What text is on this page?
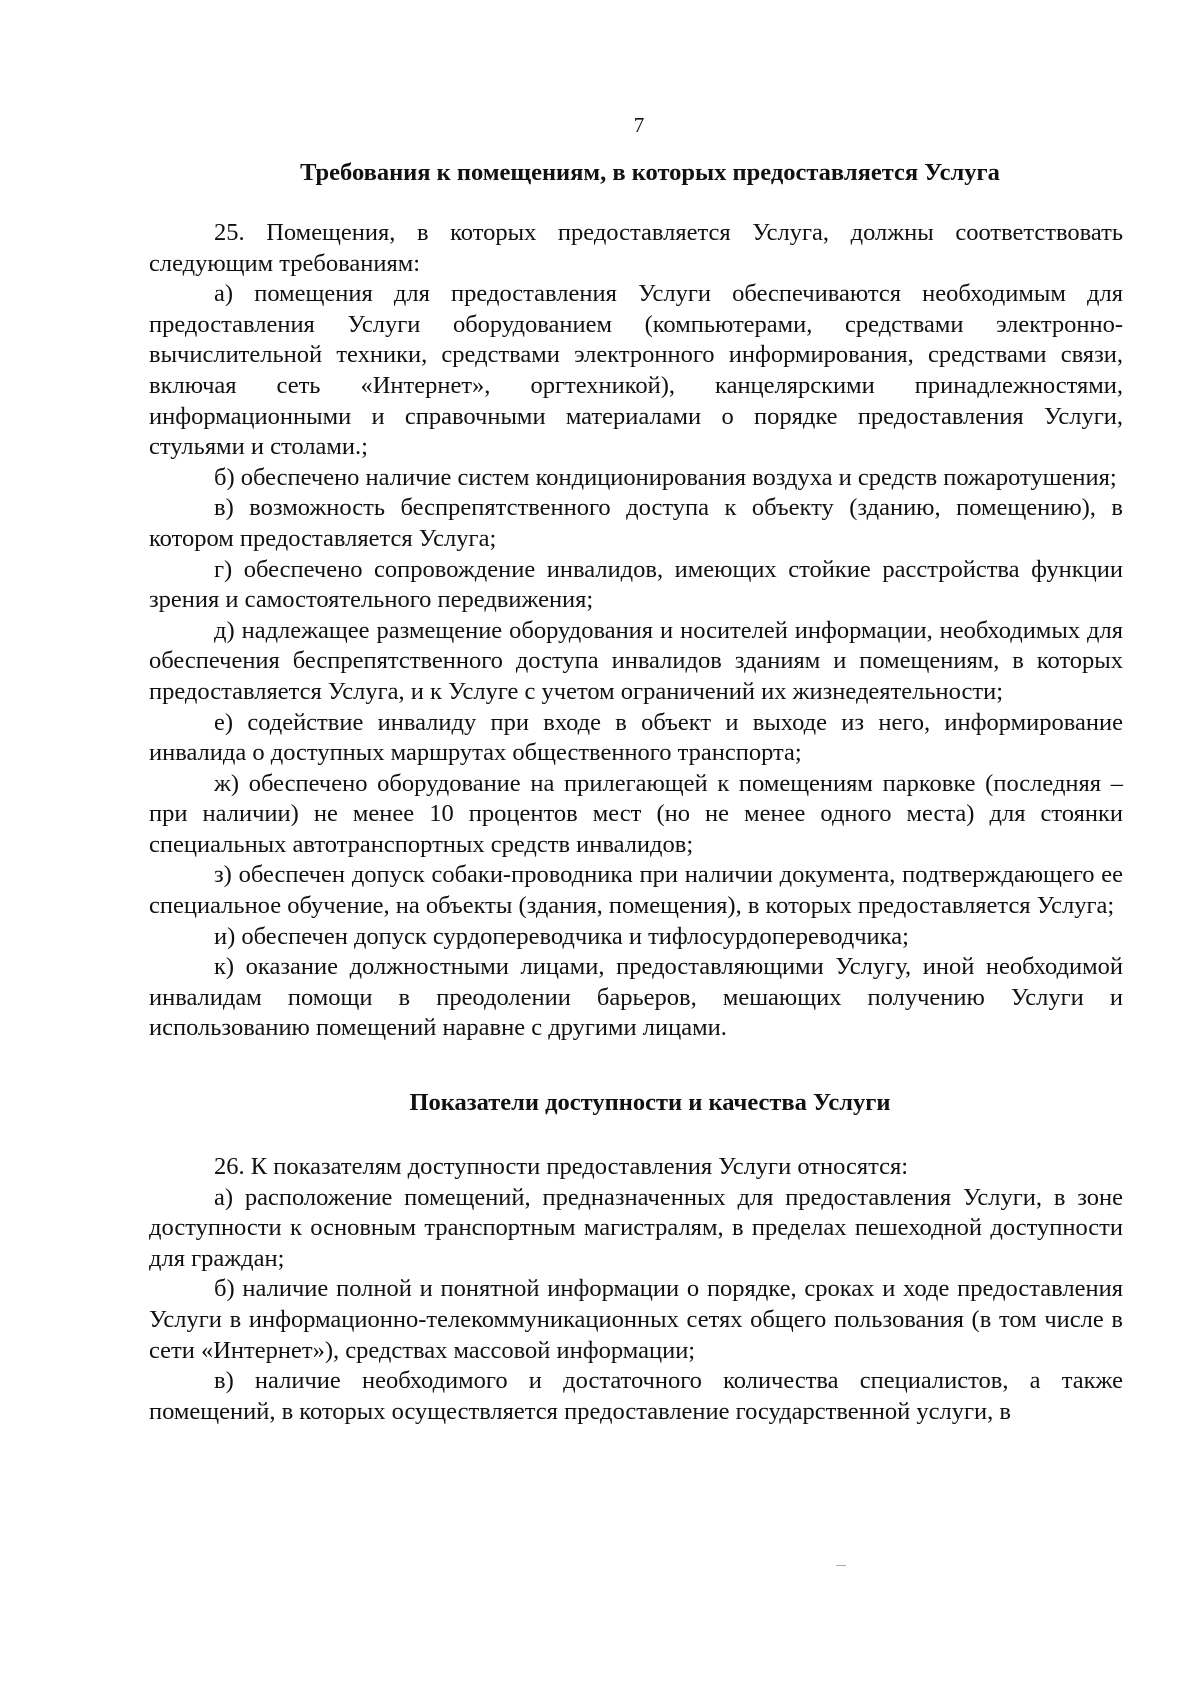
7
Требования к помещениям, в которых предоставляется Услуга

25. Помещения, в которых предоставляется Услуга, должны соответствовать следующим требованиям:

а) помещения для предоставления Услуги обеспечиваются необходимым для предоставления Услуги оборудованием (компьютерами, средствами электронно-вычислительной техники, средствами электронного информирования, средствами связи, включая сеть «Интернет», оргтехникой), канцелярскими принадлежностями, информационными и справочными материалами о порядке предоставления Услуги, стульями и столами.;

б) обеспечено наличие систем кондиционирования воздуха и средств пожаротушения;

в) возможность беспрепятственного доступа к объекту (зданию, помещению), в котором предоставляется Услуга;

г) обеспечено сопровождение инвалидов, имеющих стойкие расстройства функции зрения и самостоятельного передвижения;

д) надлежащее размещение оборудования и носителей информации, необходимых для обеспечения беспрепятственного доступа инвалидов зданиям и помещениям, в которых предоставляется Услуга, и к Услуге с учетом ограничений их жизнедеятельности;

е) содействие инвалиду при входе в объект и выходе из него, информирование инвалида о доступных маршрутах общественного транспорта;

ж) обеспечено оборудование на прилегающей к помещениям парковке (последняя – при наличии) не менее 10 процентов мест (но не менее одного места) для стоянки специальных автотранспортных средств инвалидов;

з) обеспечен допуск собаки-проводника при наличии документа, подтверждающего ее специальное обучение, на объекты (здания, помещения), в которых предоставляется Услуга;

и) обеспечен допуск сурдопереводчика и тифлосурдопереводчика;

к) оказание должностными лицами, предоставляющими Услугу, иной необходимой инвалидам помощи в преодолении барьеров, мешающих получению Услуги и использованию помещений наравне с другими лицами.

Показатели доступности и качества Услуги

26. К показателям доступности предоставления Услуги относятся:

а) расположение помещений, предназначенных для предоставления Услуги, в зоне доступности к основным транспортным магистралям, в пределах пешеходной доступности для граждан;

б) наличие полной и понятной информации о порядке, сроках и ходе предоставления Услуги в информационно-телекоммуникационных сетях общего пользования (в том числе в сети «Интернет»), средствах массовой информации;

в) наличие необходимого и достаточного количества специалистов, а также помещений, в которых осуществляется предоставление государственной услуги, в
